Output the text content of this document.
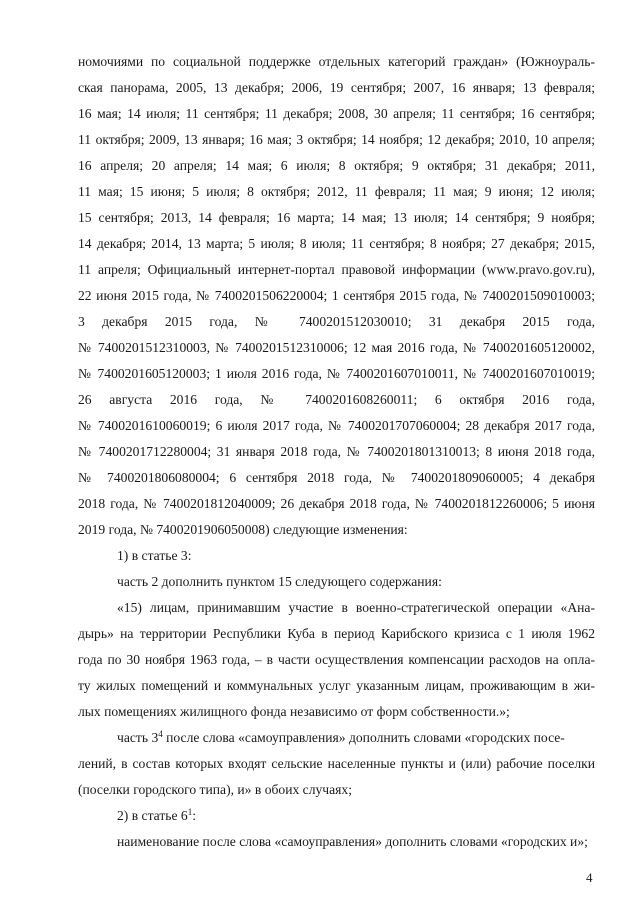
номочиями по социальной поддержке отдельных категорий граждан» (Южноураль-
ская панорама, 2005, 13 декабря; 2006, 19 сентября; 2007, 16 января; 13 февраля;
16 мая; 14 июля; 11 сентября; 11 декабря; 2008, 30 апреля; 11 сентября; 16 сентября;
11 октября; 2009, 13 января; 16 мая; 3 октября; 14 ноября; 12 декабря; 2010, 10 апреля;
16 апреля; 20 апреля; 14 мая; 6 июля; 8 октября; 9 октября; 31 декабря; 2011,
11 мая; 15 июня; 5 июля; 8 октября; 2012, 11 февраля; 11 мая; 9 июня; 12 июля;
15 сентября; 2013, 14 февраля; 16 марта; 14 мая; 13 июля; 14 сентября; 9 ноября;
14 декабря; 2014, 13 марта; 5 июля; 8 июля; 11 сентября; 8 ноября; 27 декабря; 2015,
11 апреля; Официальный интернет-портал правовой информации (www.pravo.gov.ru),
22 июня 2015 года, № 7400201506220004; 1 сентября 2015 года, № 7400201509010003;
3 декабря 2015 года, № 7400201512030010; 31 декабря 2015 года,
№ 7400201512310003, № 7400201512310006; 12 мая 2016 года, № 7400201605120002,
№ 7400201605120003; 1 июля 2016 года, № 7400201607010011, № 7400201607010019;
26 августа 2016 года, № 7400201608260011; 6 октября 2016 года,
№ 7400201610060019; 6 июля 2017 года, № 7400201707060004; 28 декабря 2017 года,
№ 7400201712280004; 31 января 2018 года, № 7400201801310013; 8 июня 2018 года,
№ 7400201806080004; 6 сентября 2018 года, № 7400201809060005; 4 декабря
2018 года, № 7400201812040009; 26 декабря 2018 года, № 7400201812260006; 5 июня
2019 года, № 7400201906050008) следующие изменения:
1) в статье 3:
часть 2 дополнить пунктом 15 следующего содержания:
«15) лицам, принимавшим участие в военно-стратегической операции «Ана-
дырь» на территории Республики Куба в период Карибского кризиса с 1 июля 1962
года по 30 ноября 1963 года, – в части осуществления компенсации расходов на опла-
ту жилых помещений и коммунальных услуг указанным лицам, проживающим в жи-
лых помещениях жилищного фонда независимо от форм собственности.»;
часть $3^4$ после слова «самоуправления» дополнить словами «городских посе-
лений, в состав которых входят сельские населенные пункты и (или) рабочие поселки
(поселки городского типа), и» в обоих случаях;
2) в статье $6^1$:
наименование после слова «самоуправления» дополнить словами «городских и»;
4
